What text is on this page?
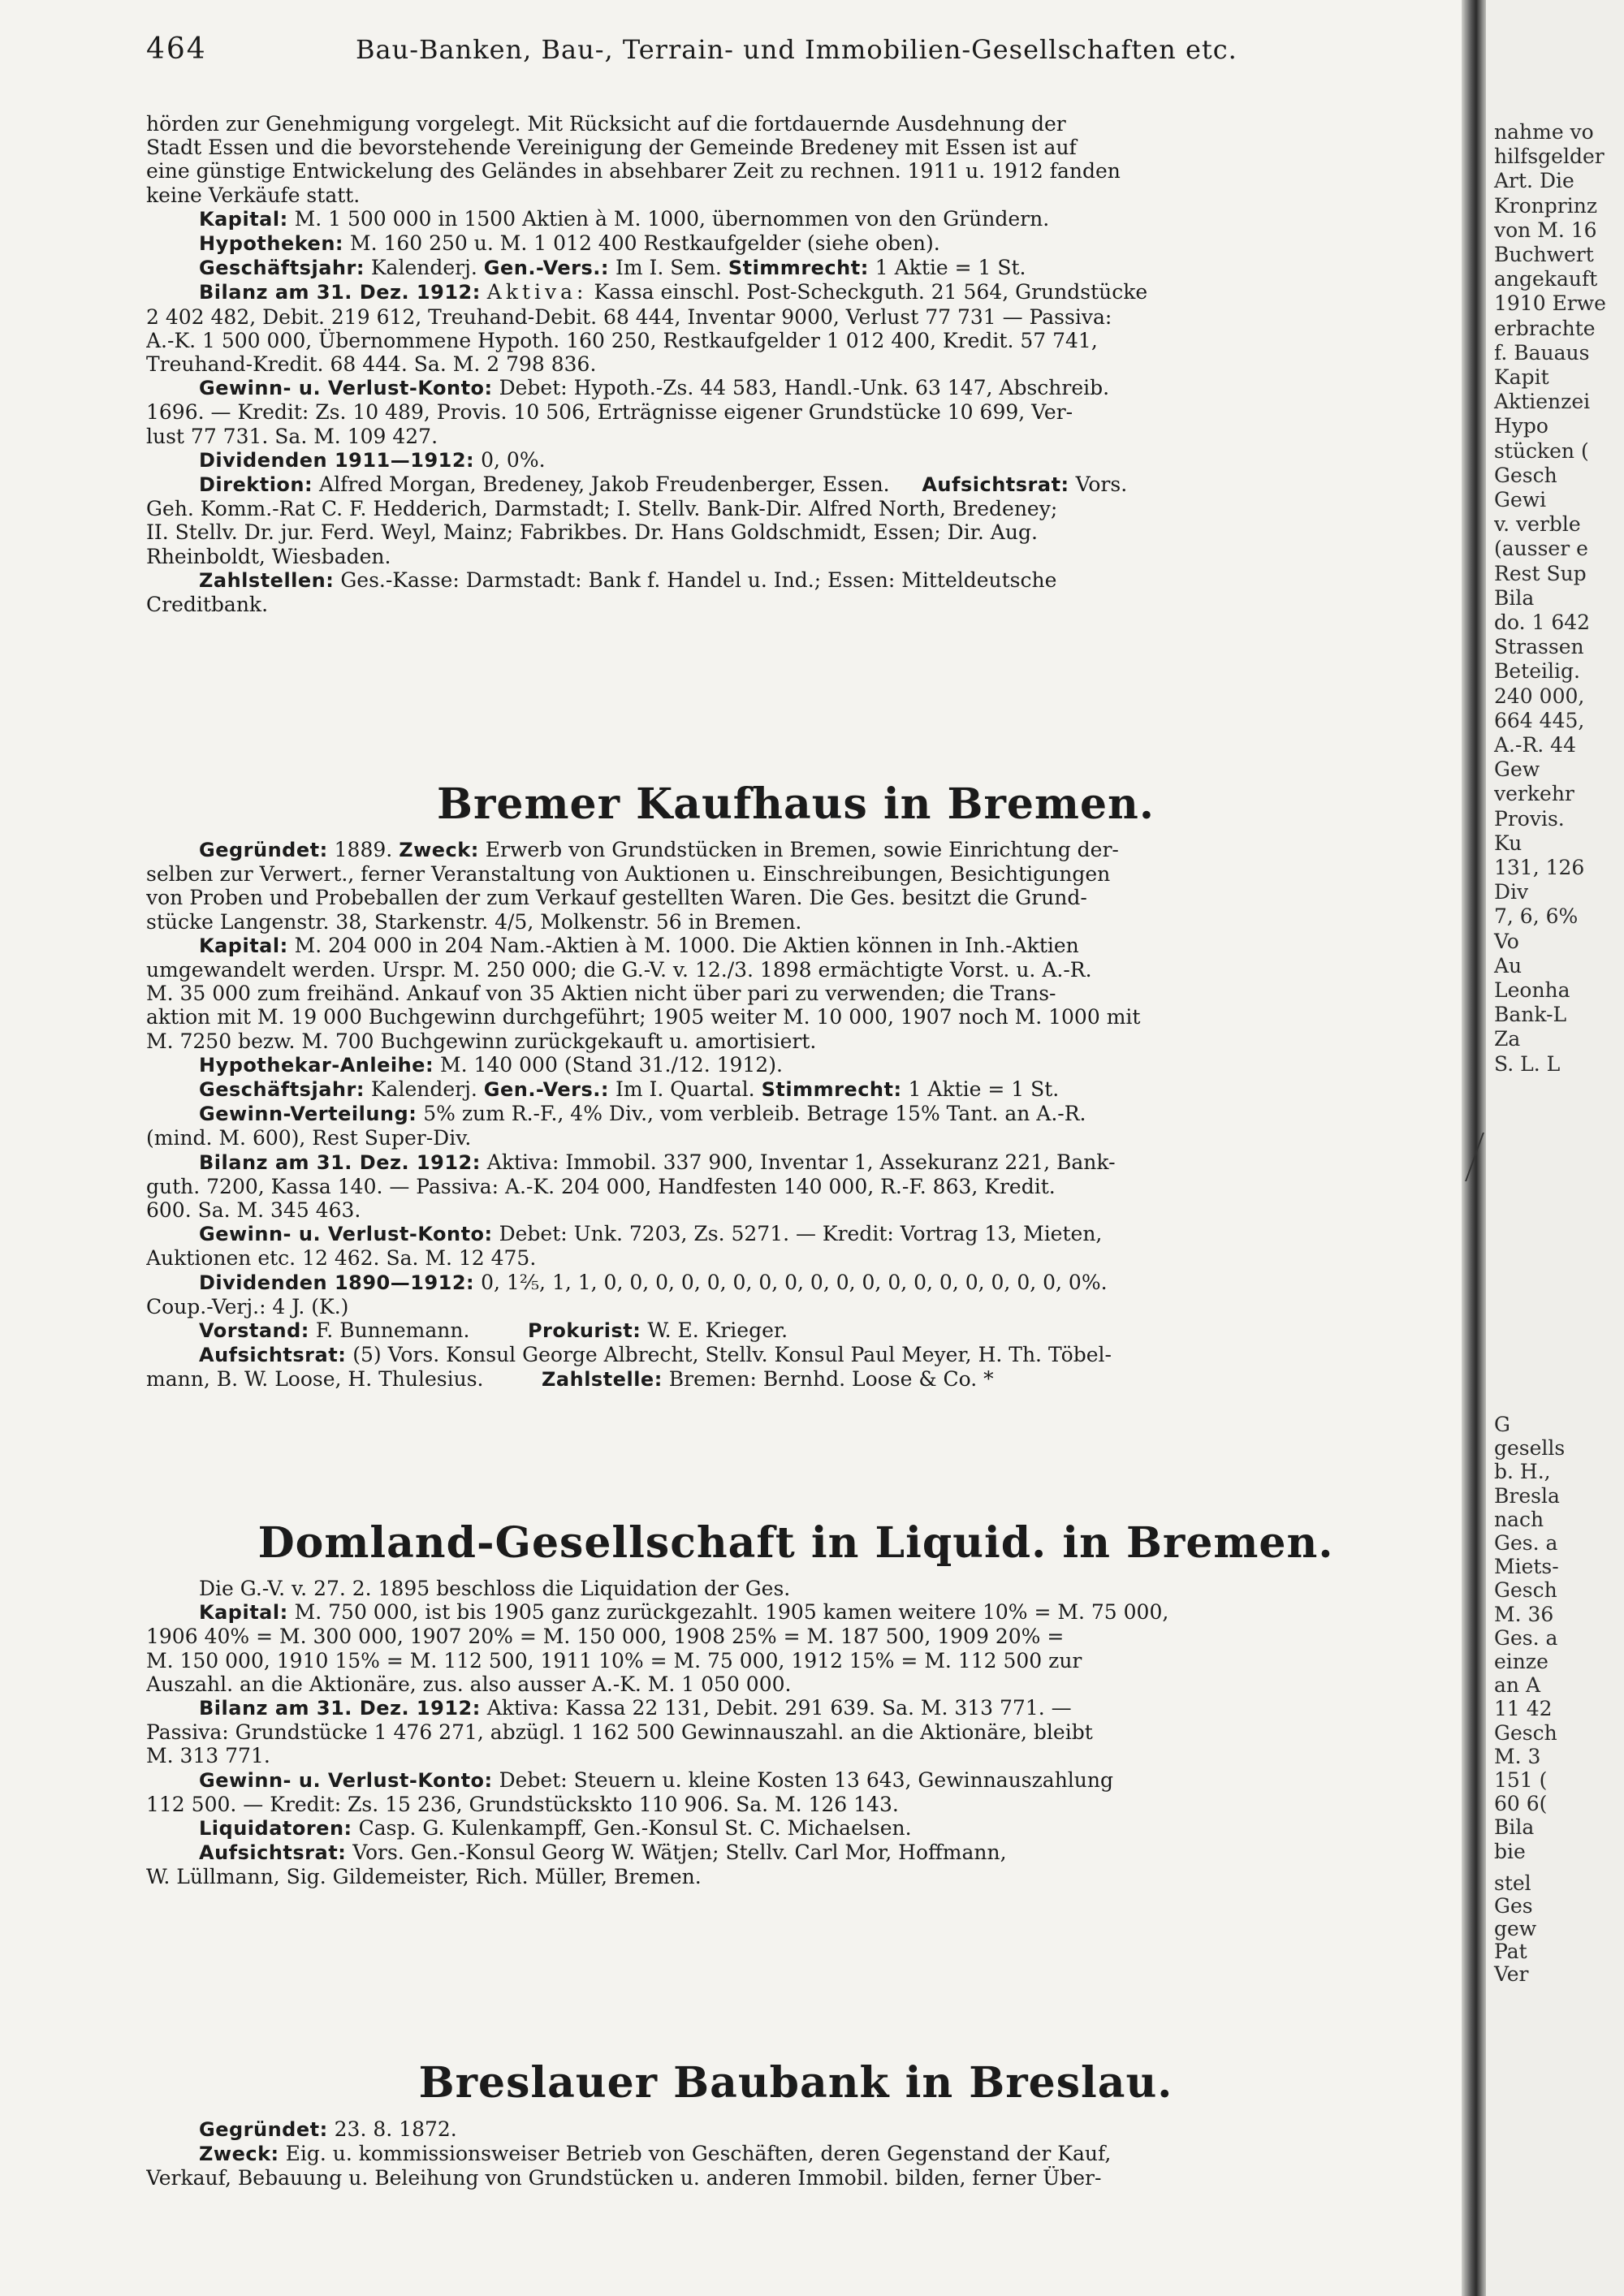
464	Bau-Banken, Bau-, Terrain- und Immobilien-Gesellschaften etc.

hörden zur Genehmigung vorgelegt. Mit Rücksicht auf die fortdauernde Ausdehnung der

Stadt Essen und die bevorstehende Vereinigung der Gemeinde Bredeney mit Essen ist auf

eine günstige Entwickelung des Geländes in absehbarer Zeit zu rechnen. 1911 u. 1912 fanden

keine Verkäufe statt.

Kapital: M. 1 500 000 in 1500 Aktien à M. 1000, übernommen von den Gründern.

Hypotheken: M. 160 250 u. M. 1 012 400 Restkaufgelder (siehe oben).

Geschäftsjahr: Kalenderj. Gen.-Vers.: Im I. Sem. Stimmrecht: 1 Aktie = 1 St.

Bilanz am 31. Dez. 1912: Aktiva: Kassa einschl. Post-Scheckguth. 21 564, Grundstücke

2 402 482, Debit. 219 612, Treuhand-Debit. 68 444, Inventar 9000, Verlust 77 731 — Passiva:

A.-K. 1 500 000, Übernommene Hypoth. 160 250, Restkaufgelder 1 012 400, Kredit. 57 741,

Treuhand-Kredit. 68 444. Sa. M. 2 798 836.

Gewinn- u. Verlust-Konto: Debet: Hypoth.-Zs. 44 583, Handl.-Unk. 63 147, Abschreib.

1696. — Kredit: Zs. 10 489, Provis. 10 506, Erträgnisse eigener Grundstücke 10 699, Ver-

lust 77 731. Sa. M. 109 427.

Dividenden 1911—1912: 0, 0%.

Direktion: Alfred Morgan, Bredeney, Jakob Freudenberger, Essen. Aufsichtsrat: Vors.

Geh. Komm.-Rat C. F. Hedderich, Darmstadt; I. Stellv. Bank-Dir. Alfred North, Bredeney;

II. Stellv. Dr. jur. Ferd. Weyl, Mainz; Fabrikbes. Dr. Hans Goldschmidt, Essen; Dir. Aug.

Rheinboldt, Wiesbaden.

Zahlstellen: Ges.-Kasse: Darmstadt: Bank f. Handel u. Ind.; Essen: Mitteldeutsche

Creditbank.

Bremer Kaufhaus in Bremen.

Gegründet: 1889. Zweck: Erwerb von Grundstücken in Bremen, sowie Einrichtung der-

selben zur Verwert., ferner Veranstaltung von Auktionen u. Einschreibungen, Besichtigungen

von Proben und Probeballen der zum Verkauf gestellten Waren. Die Ges. besitzt die Grund-

stücke Langenstr. 38, Starkenstr. 4/5, Molkenstr. 56 in Bremen.

Kapital: M. 204 000 in 204 Nam.-Aktien à M. 1000. Die Aktien können in Inh.-Aktien

umgewandelt werden. Urspr. M. 250 000; die G.-V. v. 12./3. 1898 ermächtigte Vorst. u. A.-R.

M. 35 000 zum freihänd. Ankauf von 35 Aktien nicht über pari zu verwenden; die Trans-

aktion mit M. 19 000 Buchgewinn durchgeführt; 1905 weiter M. 10 000, 1907 noch M. 1000 mit

M. 7250 bezw. M. 700 Buchgewinn zurückgekauft u. amortisiert.

Hypothekar-Anleihe: M. 140 000 (Stand 31./12. 1912).

Geschäftsjahr: Kalenderj. Gen.-Vers.: Im I. Quartal. Stimmrecht: 1 Aktie = 1 St.

Gewinn-Verteilung: 5% zum R.-F., 4% Div., vom verbleib. Betrage 15% Tant. an A.-R.

(mind. M. 600), Rest Super-Div.

Bilanz am 31. Dez. 1912: Aktiva: Immobil. 337 900, Inventar 1, Assekuranz 221, Bank-

guth. 7200, Kassa 140. — Passiva: A.-K. 204 000, Handfesten 140 000, R.-F. 863, Kredit.

600. Sa. M. 345 463.

Gewinn- u. Verlust-Konto: Debet: Unk. 7203, Zs. 5271. — Kredit: Vortrag 13, Mieten,

Auktionen etc. 12 462. Sa. M. 12 475.

Dividenden 1890—1912: 0, 1⅖, 1, 1, 0, 0, 0, 0, 0, 0, 0, 0, 0, 0, 0, 0, 0, 0, 0, 0, 0, 0, 0%.

Coup.-Verj.: 4 J. (K.)

Vorstand: F. Bunnemann.	Prokurist: W. E. Krieger.

Aufsichtsrat: (5) Vors. Konsul George Albrecht, Stellv. Konsul Paul Meyer, H. Th. Töbel-

mann, B. W. Loose, H. Thulesius.	Zahlstelle: Bremen: Bernhd. Loose & Co. *

Domland-Gesellschaft in Liquid. in Bremen.

Die G.-V. v. 27. 2. 1895 beschloss die Liquidation der Ges.

Kapital: M. 750 000, ist bis 1905 ganz zurückgezahlt. 1905 kamen weitere 10% = M. 75 000,

1906 40% = M. 300 000, 1907 20% = M. 150 000, 1908 25% = M. 187 500, 1909 20% =

M. 150 000, 1910 15% = M. 112 500, 1911 10% = M. 75 000, 1912 15% = M. 112 500 zur

Auszahl. an die Aktionäre, zus. also ausser A.-K. M. 1 050 000.

Bilanz am 31. Dez. 1912: Aktiva: Kassa 22 131, Debit. 291 639. Sa. M. 313 771. —

Passiva: Grundstücke 1 476 271, abzügl. 1 162 500 Gewinnauszahl. an die Aktionäre, bleibt

M. 313 771.

Gewinn- u. Verlust-Konto: Debet: Steuern u. kleine Kosten 13 643, Gewinnauszahlung

112 500. — Kredit: Zs. 15 236, Grundstückskto 110 906. Sa. M. 126 143.

Liquidatoren: Casp. G. Kulenkampff, Gen.-Konsul St. C. Michaelsen.

Aufsichtsrat: Vors. Gen.-Konsul Georg W. Wätjen; Stellv. Carl Mor, Hoffmann,

W. Lüllmann, Sig. Gildemeister, Rich. Müller, Bremen.

Breslauer Baubank in Breslau.

Gegründet: 23. 8. 1872.

Zweck: Eig. u. kommissionsweiser Betrieb von Geschäften, deren Gegenstand der Kauf,

Verkauf, Bebauung u. Beleihung von Grundstücken u. anderen Immobil. bilden, ferner Über-

nahme vo
hilfsgelder
Art. Die
Kronprinz
von M. 16
Buchwert
angekauft
1910 Erwe
erbrachte
f. Bauaus
Kapit
Aktienzei
Hypo
stücken (
Gesch
Gewi
v. verble
(ausser e
Rest Sup
Bila
do. 1 642
Strassen
Beteilig.
240 000,
664 445,
A.-R. 44
Gew
verkehr
Provis.
Ku
131, 126
Div
7, 6, 6%
Vo
Au
Leonha
Bank-L
Za
S. L. L
G
gesells
b. H.,
Bresla
nach
Ges. a
Miets-
Gesch
M. 36
Ges. a
einze
an A
11 42
Gesch
M. 3
151 (
60 6(
Bila
bie
stel
Ges
gew
Pat
Ver
